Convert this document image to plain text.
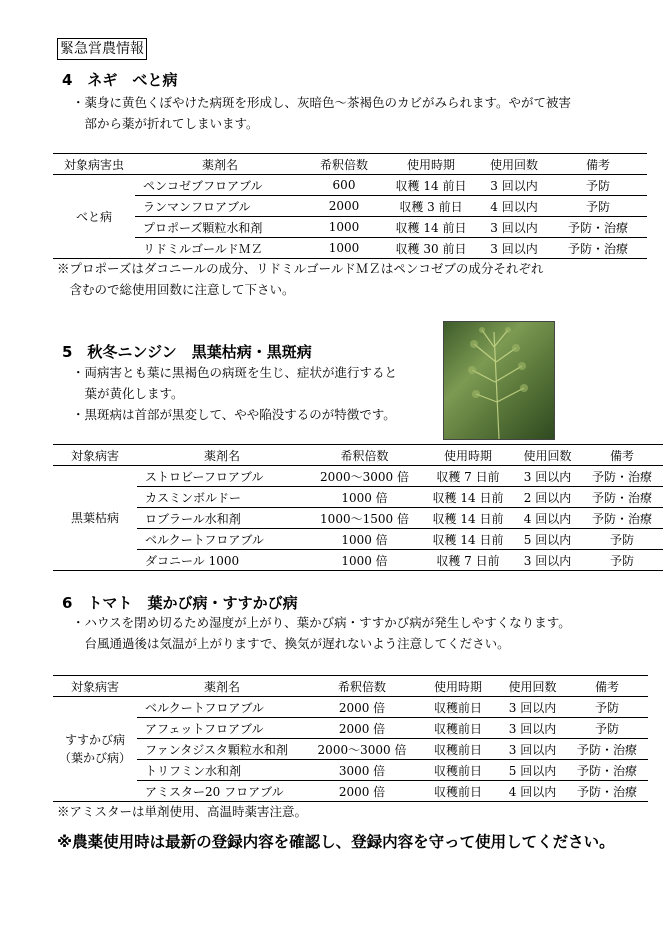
緊急営農情報
4　ネギ　べと病
・薬身に黄色くぼやけた病斑を形成し、灰暗色～茶褐色のカビがみられます。やがて被害
　部から薬が折れてしまいます。
対象病害虫	薬剤名	希釈倍数	使用時期	使用回数	備考
べと病	ペンコゼブフロアブル	600	収穫 14 前日	3 回以内	予防
	ランマンフロアブル	2000	収穫 3 前日	4 回以内	予防
	プロポーズ顆粒水和剤	1000	収穫 14 前日	3 回以内	予防・治療
	リドミルゴールドＭＺ	1000	収穫 30 前日	3 回以内	予防・治療
※プロポーズはダコニールの成分、リドミルゴールドＭＺはペンコゼブの成分それぞれ
　含むので総使用回数に注意して下さい。
5　秋冬ニンジン　黒葉枯病・黒斑病
・両病害とも葉に黒褐色の病斑を生じ、症状が進行すると
　葉が黄化します。
・黒斑病は首部が黒変して、やや陥没するのが特徴です。
対象病害	薬剤名	希釈倍数	使用時期	使用回数	備考
黒葉枯病	ストロビーフロアブル	2000～3000 倍	収穫 7 日前	3 回以内	予防・治療
	カスミンボルドー	1000 倍	収穫 14 日前	2 回以内	予防・治療
	ロブラール水和剤	1000～1500 倍	収穫 14 日前	4 回以内	予防・治療
	ベルクートフロアブル	1000 倍	収穫 14 日前	5 回以内	予防
	ダコニール 1000	1000 倍	収穫 7 日前	3 回以内	予防
6　トマト　葉かび病・すすかび病
・ハウスを閉め切るため湿度が上がり、葉かび病・すすかび病が発生しやすくなります。
　台風通過後は気温が上がりますで、換気が遅れないよう注意してください。
対象病害	薬剤名	希釈倍数	使用時期	使用回数	備考

すすかび病
（葉かび病）	ベルクートフロアブル	2000 倍	収穫前日	3 回以内	予防
	アフェットフロアブル	2000 倍	収穫前日	3 回以内	予防
	ファンタジスタ顆粒水和剤	2000～3000 倍	収穫前日	3 回以内	予防・治療
	トリフミン水和剤	3000 倍	収穫前日	5 回以内	予防・治療
	アミスター20 フロアブル	2000 倍	収穫前日	4 回以内	予防・治療
※アミスターは単剤使用、高温時薬害注意。
※農薬使用時は最新の登録内容を確認し、登録内容を守って使用してください。
